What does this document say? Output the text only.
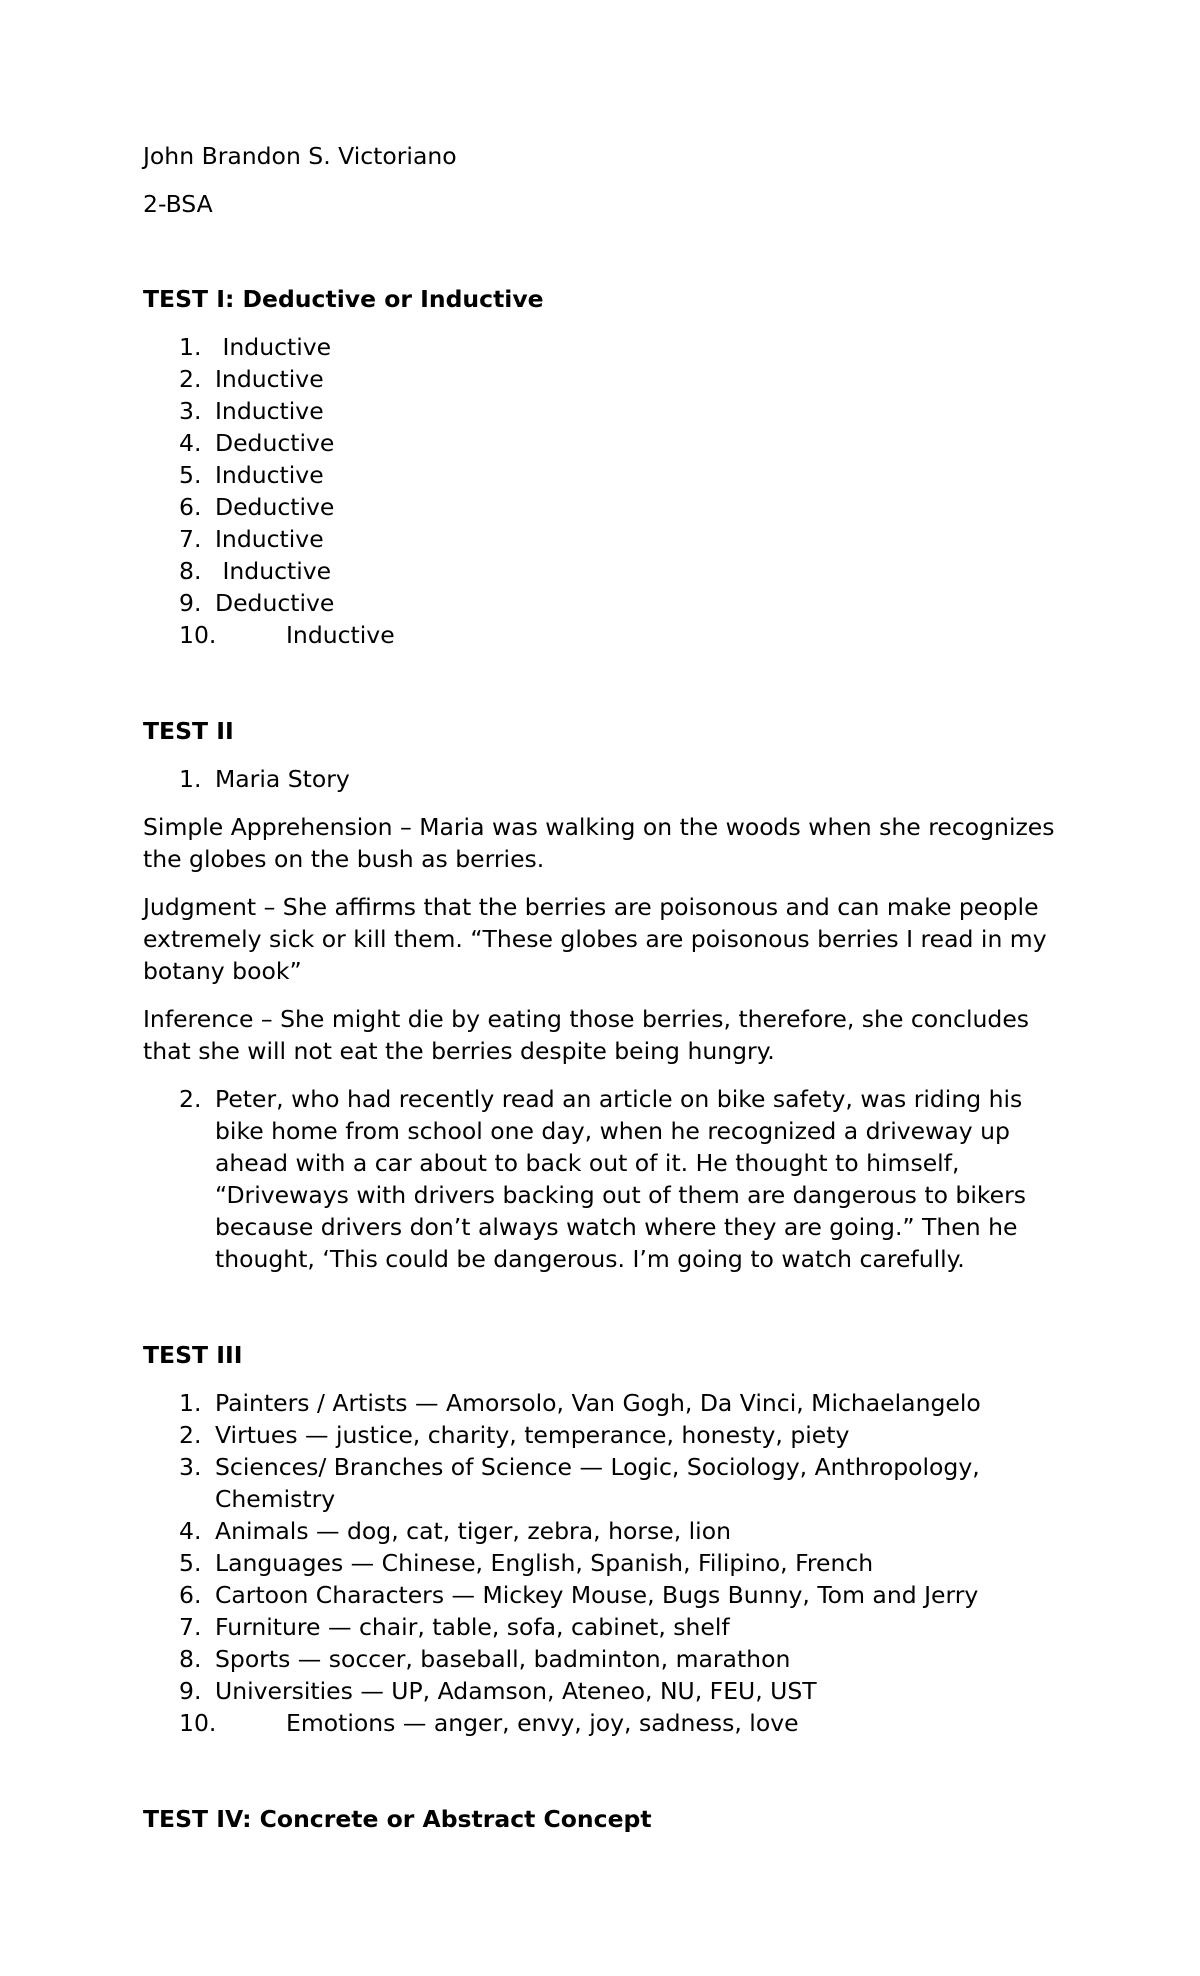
John Brandon S. Victoriano
2-BSA
TEST I: Deductive or Inductive
1. Inductive
2. Inductive
3. Inductive
4. Deductive
5. Inductive
6. Deductive
7. Inductive
8. Inductive
9. Deductive
10.	Inductive
TEST II
1. Maria Story
Simple Apprehension – Maria was walking on the woods when she recognizes the globes on the bush as berries.
Judgment – She affirms that the berries are poisonous and can make people extremely sick or kill them. “These globes are poisonous berries I read in my botany book”
Inference – She might die by eating those berries, therefore, she concludes that she will not eat the berries despite being hungry.
2. Peter, who had recently read an article on bike safety, was riding his bike home from school one day, when he recognized a driveway up ahead with a car about to back out of it. He thought to himself, “Driveways with drivers backing out of them are dangerous to bikers because drivers don’t always watch where they are going.” Then he thought, ‘This could be dangerous. I’m going to watch carefully.
TEST III
1. Painters / Artists — Amorsolo, Van Gogh, Da Vinci, Michaelangelo
2. Virtues — justice, charity, temperance, honesty, piety
3. Sciences/ Branches of Science — Logic, Sociology, Anthropology, Chemistry
4. Animals — dog, cat, tiger, zebra, horse, lion
5. Languages — Chinese, English, Spanish, Filipino, French
6. Cartoon Characters — Mickey Mouse, Bugs Bunny, Tom and Jerry
7. Furniture — chair, table, sofa, cabinet, shelf
8. Sports — soccer, baseball, badminton, marathon
9. Universities — UP, Adamson, Ateneo, NU, FEU, UST
10.	Emotions — anger, envy, joy, sadness, love
TEST IV: Concrete or Abstract Concept
